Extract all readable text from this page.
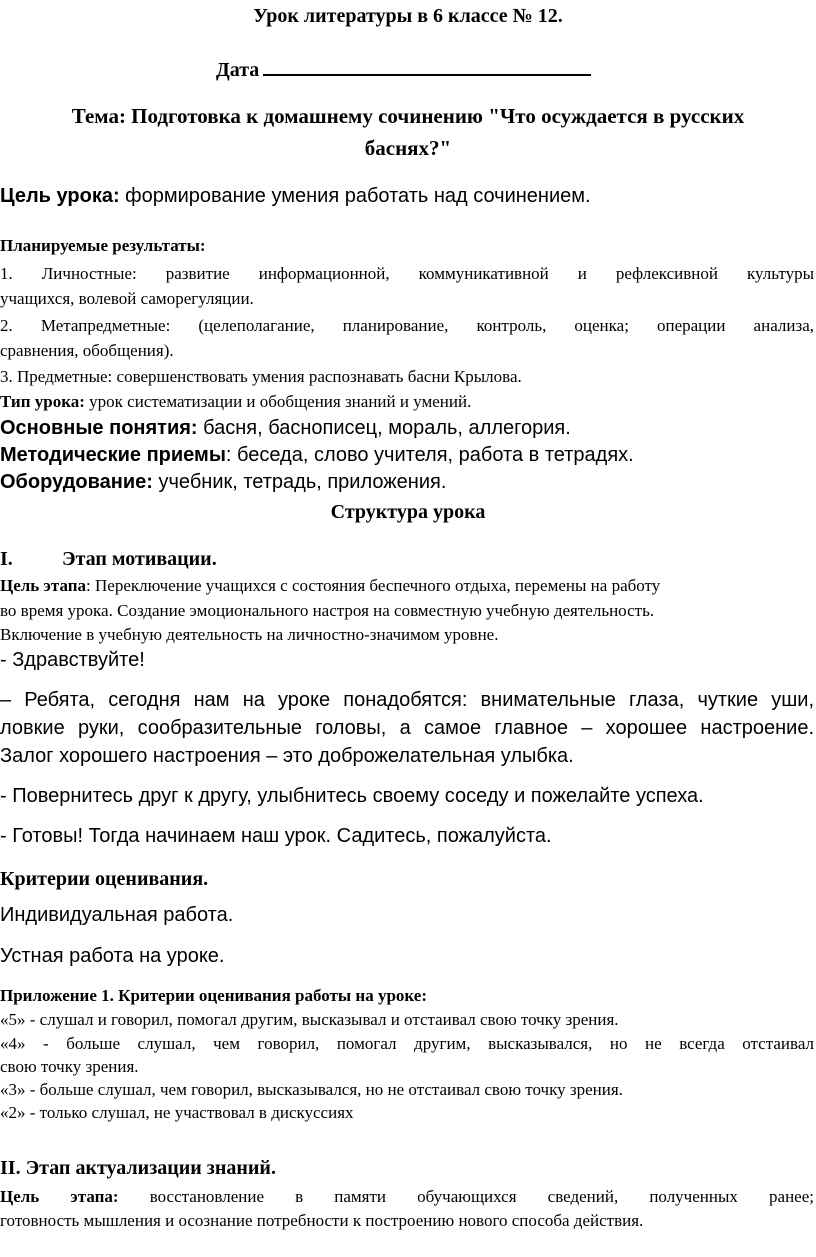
Урок литературы в 6 классе № 12.
Дата
Тема: Подготовка к домашнему сочинению "Что осуждается в русских
баснях?"
Цель урока: формирование умения работать над сочинением.
Планируемые результаты:
1. Личностные: развитие информационной, коммуникативной и рефлексивной культуры
учащихся, волевой саморегуляции.
2. Метапредметные: (целеполагание, планирование, контроль, оценка; операции анализа,
сравнения, обобщения).
3. Предметные: совершенствовать умения распознавать басни Крылова.
Тип урока: урок систематизации и обобщения знаний и умений.
Основные понятия: басня, баснописец, мораль, аллегория.
Методические приемы: беседа, слово учителя, работа в тетрадях.
Оборудование: учебник, тетрадь, приложения.
Структура урока
I. Этап мотивации.
Цель этапа: Переключение учащихся с состояния беспечного отдыха, перемены на работу
во время урока. Создание эмоционального настроя на совместную учебную деятельность.
Включение в учебную деятельность на личностно-значимом уровне.
- Здравствуйте!
– Ребята, сегодня нам на уроке понадобятся: внимательные глаза, чуткие уши,
ловкие руки, сообразительные головы, а самое главное – хорошее настроение.
Залог хорошего настроения – это доброжелательная улыбка.
- Повернитесь друг к другу, улыбнитесь своему соседу и пожелайте успеха.
- Готовы! Тогда начинаем наш урок. Садитесь, пожалуйста.
Критерии оценивания.
Индивидуальная работа.
Устная работа на уроке.
Приложение 1. Критерии оценивания работы на уроке:
«5» - слушал и говорил, помогал другим, высказывал и отстаивал свою точку зрения.
«4» - больше слушал, чем говорил, помогал другим, высказывался, но не всегда отстаивал
свою точку зрения.
«3» - больше слушал, чем говорил, высказывался, но не отстаивал свою точку зрения.
«2» - только слушал, не участвовал в дискуссиях
II. Этап актуализации знаний.
Цель этапа: восстановление в памяти обучающихся сведений, полученных ранее;
готовность мышления и осознание потребности к построению нового способа действия.
